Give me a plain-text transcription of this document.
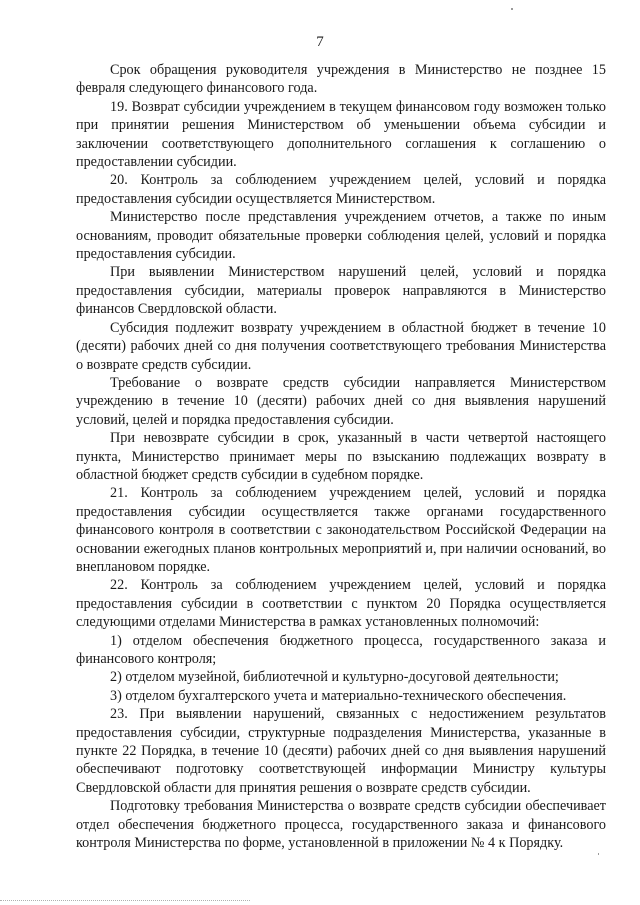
7

Срок обращения руководителя учреждения в Министерство не позднее 15 февраля следующего финансового года.

19. Возврат субсидии учреждением в текущем финансовом году возможен только при принятии решения Министерством об уменьшении объема субсидии и заключении соответствующего дополнительного соглашения к соглашению о предоставлении субсидии.

20. Контроль за соблюдением учреждением целей, условий и порядка предоставления субсидии осуществляется Министерством.

Министерство после представления учреждением отчетов, а также по иным основаниям, проводит обязательные проверки соблюдения целей, условий и порядка предоставления субсидии.

При выявлении Министерством нарушений целей, условий и порядка предоставления субсидии, материалы проверок направляются в Министерство финансов Свердловской области.

Субсидия подлежит возврату учреждением в областной бюджет в течение 10 (десяти) рабочих дней со дня получения соответствующего требования Министерства о возврате средств субсидии.

Требование о возврате средств субсидии направляется Министерством учреждению в течение 10 (десяти) рабочих дней со дня выявления нарушений условий, целей и порядка предоставления субсидии.

При невозврате субсидии в срок, указанный в части четвертой настоящего пункта, Министерство принимает меры по взысканию подлежащих возврату в областной бюджет средств субсидии в судебном порядке.

21. Контроль за соблюдением учреждением целей, условий и порядка предоставления субсидии осуществляется также органами государственного финансового контроля в соответствии с законодательством Российской Федерации на основании ежегодных планов контрольных мероприятий и, при наличии оснований, во внеплановом порядке.

22. Контроль за соблюдением учреждением целей, условий и порядка предоставления субсидии в соответствии с пунктом 20 Порядка осуществляется следующими отделами Министерства в рамках установленных полномочий:

1) отделом обеспечения бюджетного процесса, государственного заказа и финансового контроля;

2) отделом музейной, библиотечной и культурно-досуговой деятельности;

3) отделом бухгалтерского учета и материально-технического обеспечения.

23. При выявлении нарушений, связанных с недостижением результатов предоставления субсидии, структурные подразделения Министерства, указанные в пункте 22 Порядка, в течение 10 (десяти) рабочих дней со дня выявления нарушений обеспечивают подготовку соответствующей информации Министру культуры Свердловской области для принятия решения о возврате средств субсидии.

Подготовку требования Министерства о возврате средств субсидии обеспечивает отдел обеспечения бюджетного процесса, государственного заказа и финансового контроля Министерства по форме, установленной в приложении № 4 к Порядку.
